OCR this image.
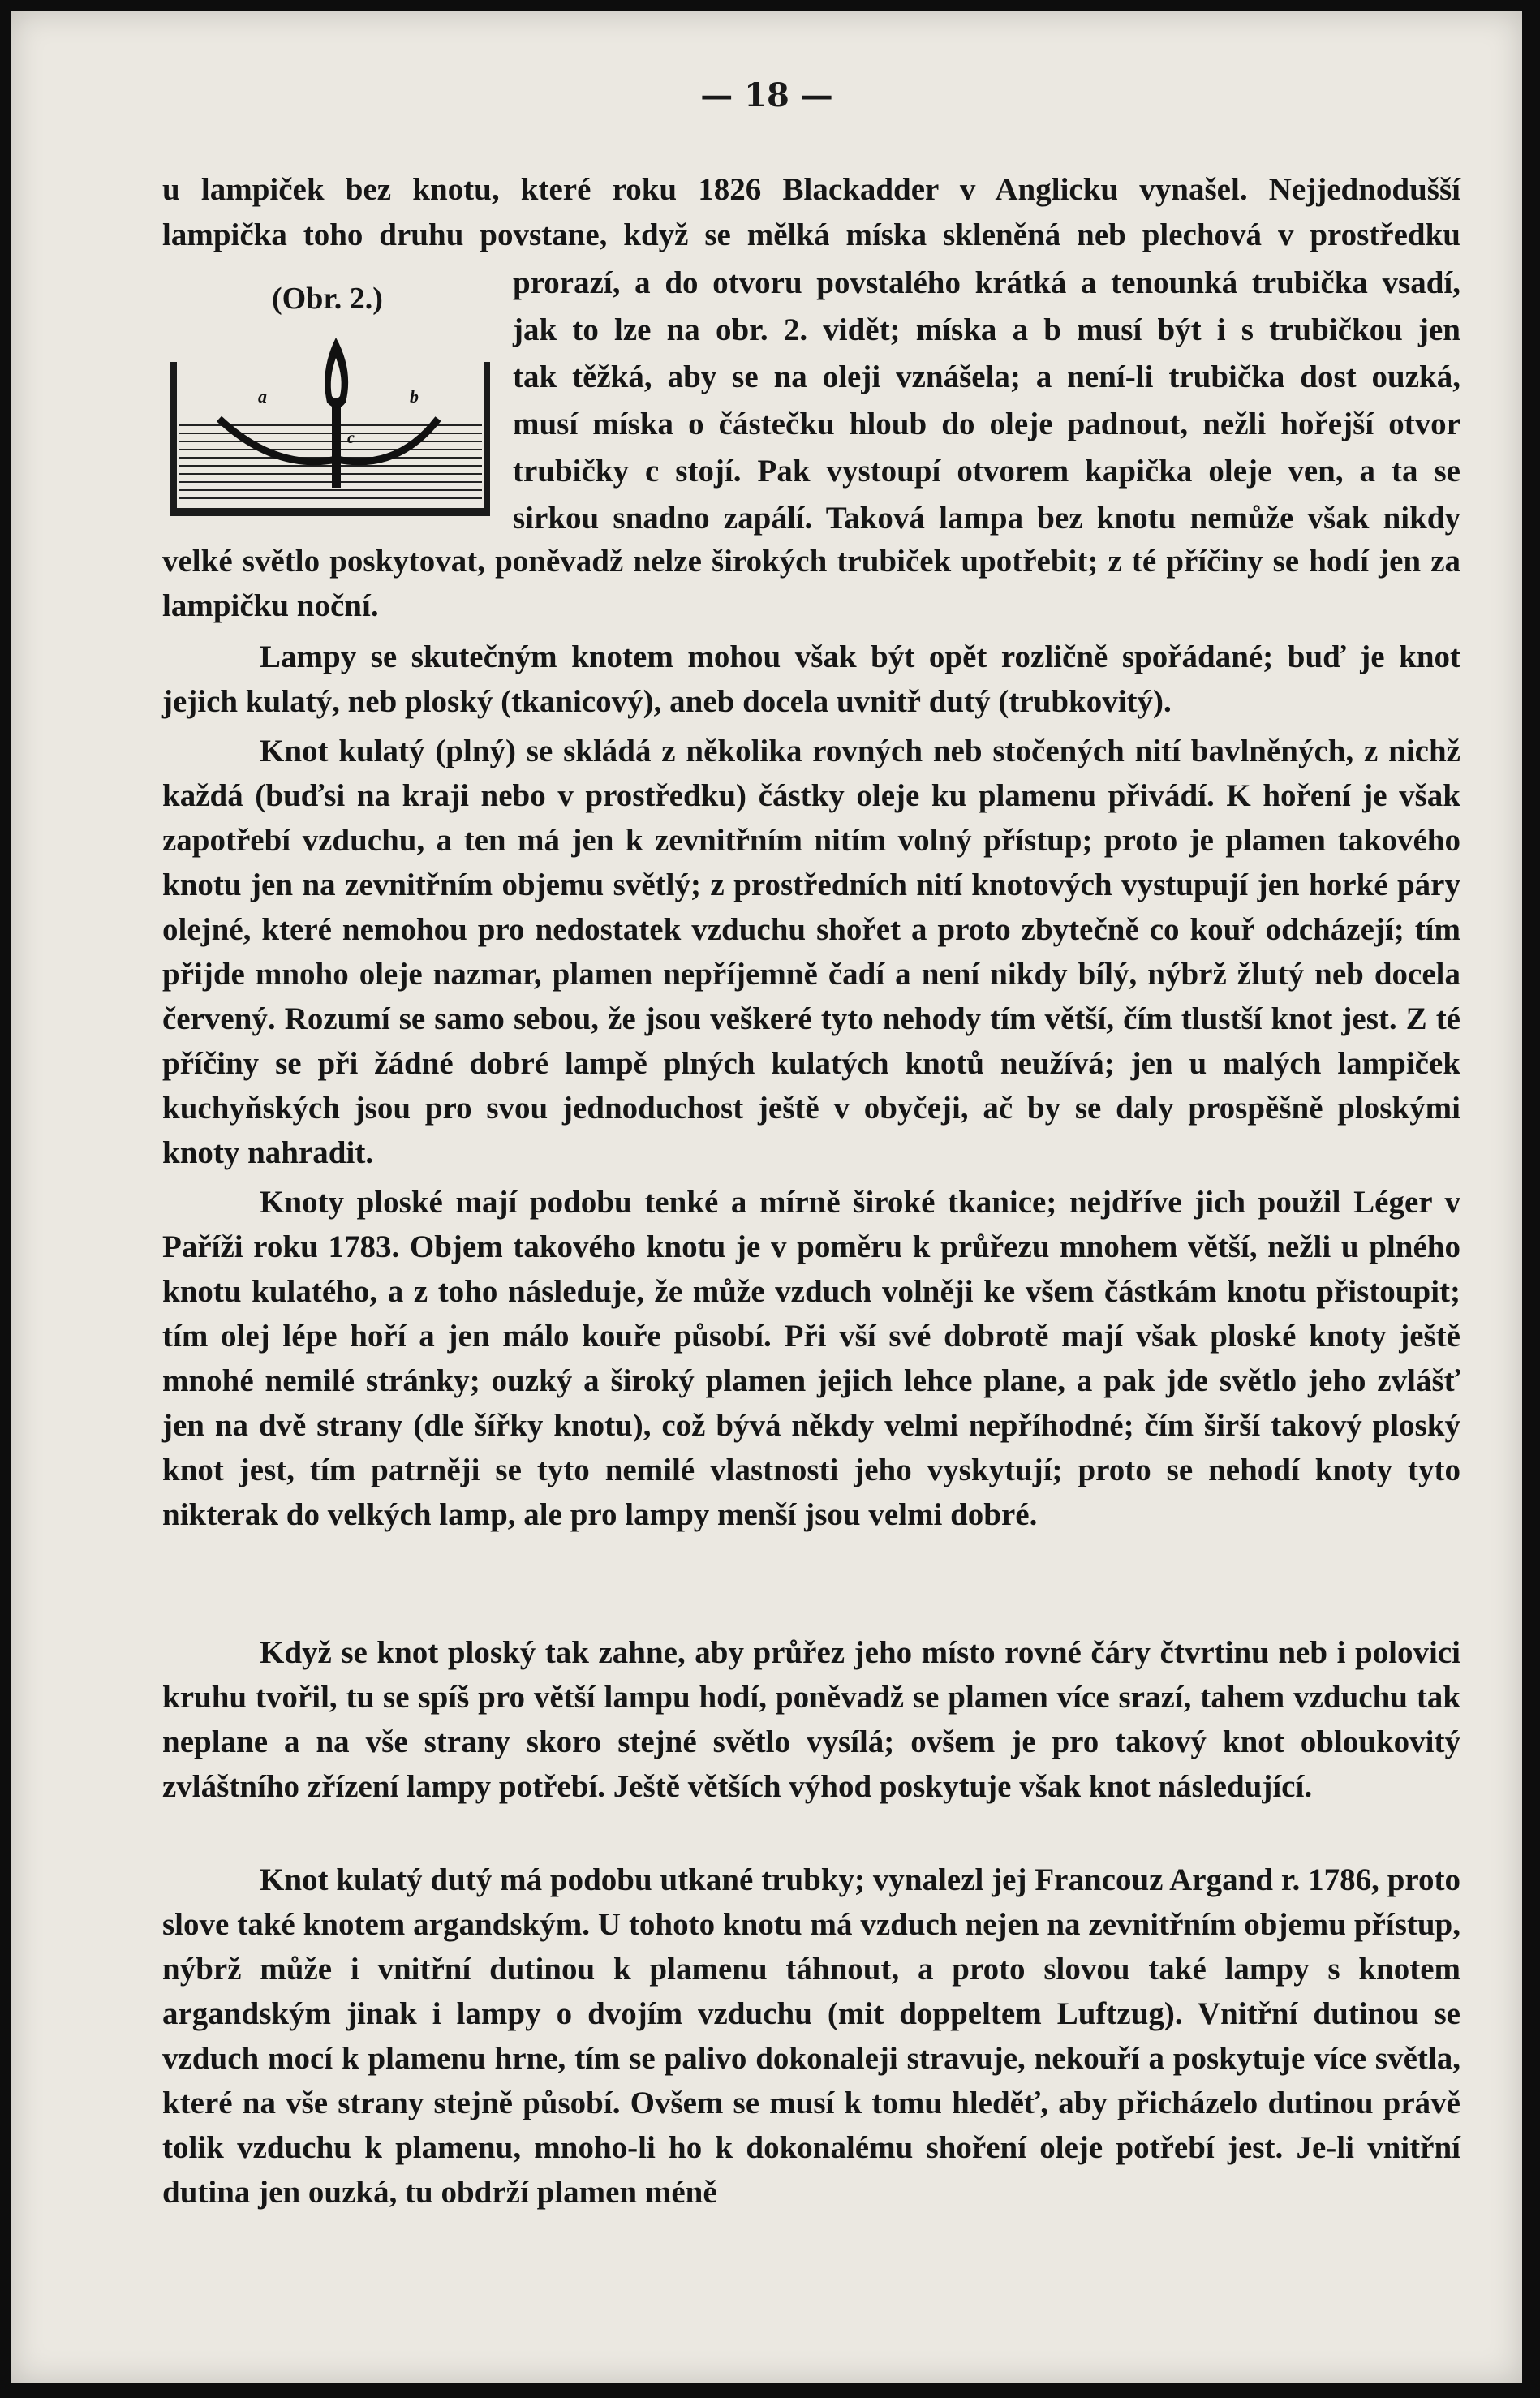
— 18 —

u lampiček bez knotu, které roku 1826 Blackadder v Anglicku vynašel. Nejjednodušší

lampička toho druhu povstane, když se mělká míska skleněná neb plechová v prostředku

(Obr. 2.)
a	b
c

prorazí, a do otvoru povstalého krátká a tenounká trubička vsadí,

jak to lze na obr. 2. vidět; míska a b musí být i s trubičkou jen

tak těžká, aby se na oleji vznášela; a není-li trubička dost ouzká,

musí míska o částečku hloub do oleje padnout, nežli hořejší otvor

trubičky c stojí. Pak vystoupí otvorem kapička oleje ven, a ta se

sirkou snadno zapálí. Taková lampa bez knotu nemůže však nikdy

velké světlo poskytovat, poněvadž nelze širokých trubiček upotřebit; z té příčiny se hodí jen za lampičku noční.

Lampy se skutečným knotem mohou však být opět rozličně spořádané; buď je knot jejich kulatý, neb ploský (tkanicový), aneb docela uvnitř dutý (trubkovitý).

Knot kulatý (plný) se skládá z několika rovných neb stočených nití bavlněných, z nichž každá (buďsi na kraji nebo v prostředku) částky oleje ku plamenu přivádí. K hoření je však zapotřebí vzduchu, a ten má jen k zevnitřním nitím volný přístup; proto je plamen takového knotu jen na zevnitřním objemu světlý; z prostředních nití knotových vystupují jen horké páry olejné, které nemohou pro nedostatek vzduchu shořet a proto zbytečně co kouř odcházejí; tím přijde mnoho oleje nazmar, plamen nepříjemně čadí a není nikdy bílý, nýbrž žlutý neb docela červený. Rozumí se samo sebou, že jsou veškeré tyto nehody tím větší, čím tlustší knot jest. Z té příčiny se při žádné dobré lampě plných kulatých knotů neužívá; jen u malých lampiček kuchyňských jsou pro svou jednoduchost ještě v obyčeji, ač by se daly prospěšně ploskými knoty nahradit.

Knoty ploské mají podobu tenké a mírně široké tkanice; nejdříve jich použil Léger v Paříži roku 1783. Objem takového knotu je v poměru k průřezu mnohem větší, nežli u plného knotu kulatého, a z toho následuje, že může vzduch volněji ke všem částkám knotu přistoupit; tím olej lépe hoří a jen málo kouře působí. Při vší své dobrotě mají však ploské knoty ještě mnohé nemilé stránky; ouzký a široký plamen jejich lehce plane, a pak jde světlo jeho zvlášť jen na dvě strany (dle šířky knotu), což bývá někdy velmi nepříhodné; čím širší takový ploský knot jest, tím patrněji se tyto nemilé vlastnosti jeho vyskytují; proto se nehodí knoty tyto nikterak do velkých lamp, ale pro lampy menší jsou velmi dobré.

Když se knot ploský tak zahne, aby průřez jeho místo rovné čáry čtvrtinu neb i polovici kruhu tvořil, tu se spíš pro větší lampu hodí, poněvadž se plamen více srazí, tahem vzduchu tak neplane a na vše strany skoro stejné světlo vysílá; ovšem je pro takový knot obloukovitý zvláštního zřízení lampy potřebí. Ještě větších výhod poskytuje však knot následující.

Knot kulatý dutý má podobu utkané trubky; vynalezl jej Francouz Argand r. 1786, proto slove také knotem argandským. U tohoto knotu má vzduch nejen na zevnitřním objemu přístup, nýbrž může i vnitřní dutinou k plamenu táhnout, a proto slovou také lampy s knotem argandským jinak i lampy o dvojím vzduchu (mit doppeltem Luftzug). Vnitřní dutinou se vzduch mocí k plamenu hrne, tím se palivo dokonaleji stravuje, nekouří a poskytuje více světla, které na vše strany stejně působí. Ovšem se musí k tomu hleděť, aby přicházelo dutinou právě tolik vzduchu k plamenu, mnoho-li ho k dokonalému shoření oleje potřebí jest. Je-li vnitřní dutina jen ouzká, tu obdrží plamen méně
